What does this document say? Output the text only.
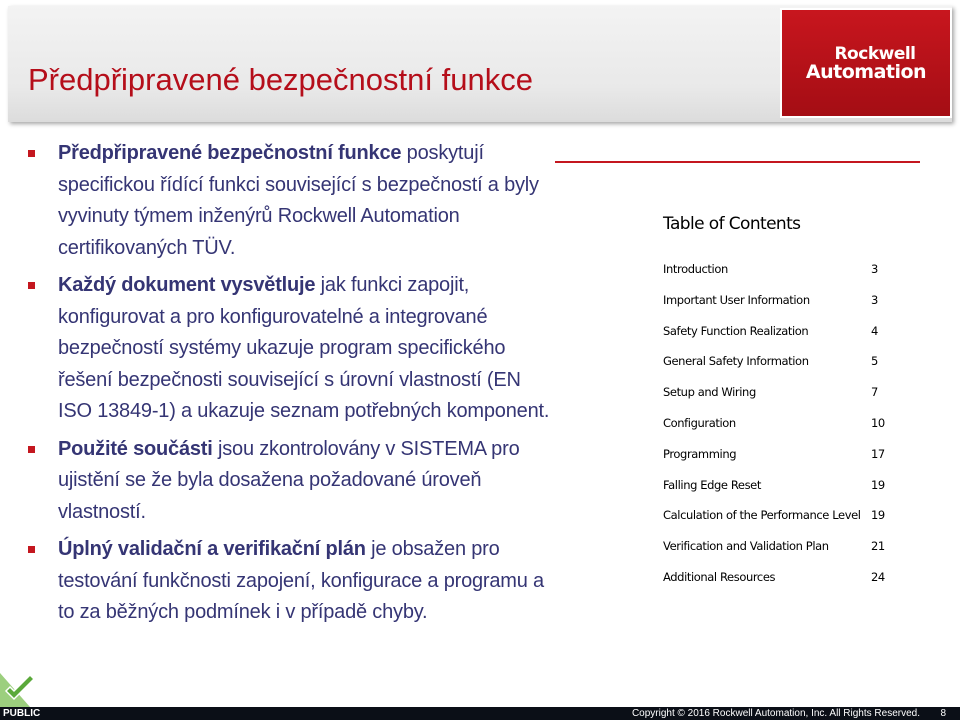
Předpřipravené bezpečnostní funkce
Rockwell
Automation
Předpřipravené bezpečnostní funkce poskytují specifickou řídící funkci související s bezpečností a byly vyvinuty týmem inženýrů Rockwell Automation certifikovaných TÜV.
Každý dokument vysvětluje jak funkci zapojit, konfigurovat a pro konfigurovatelné a integrované bezpečností systémy ukazuje program specifického řešení bezpečnosti související s úrovní vlastností (EN ISO 13849-1) a ukazuje seznam potřebných komponent.
Použité součásti jsou zkontrolovány v SISTEMA pro ujistění se že byla dosažena požadované úroveň vlastností.
Úplný validační a verifikační plán je obsažen pro testování funkčnosti zapojení, konfigurace a programu a to za běžných podmínek i v případě chyby.
Table of Contents
Introduction	3
Important User Information	3
Safety Function Realization	4
General Safety Information	5
Setup and Wiring	7
Configuration	10
Programming	17
Falling Edge Reset	19
Calculation of the Performance Level 19
Verification and Validation Plan	21
Additional Resources	24
PUBLIC	Copyright © 2016 Rockwell Automation, Inc. All Rights Reserved. 8
